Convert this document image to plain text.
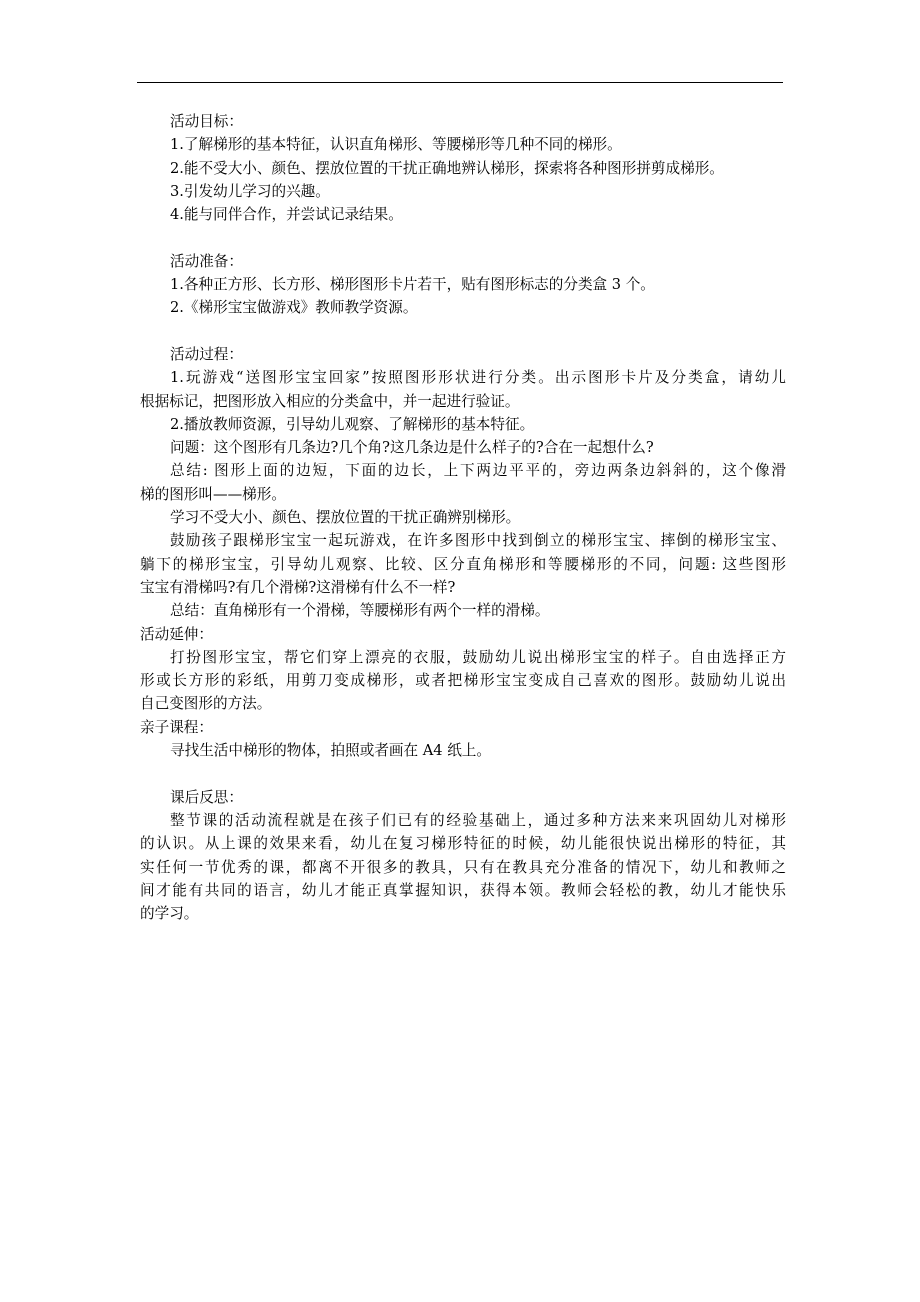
活动目标：
1.了解梯形的基本特征，认识直角梯形、等腰梯形等几种不同的梯形。
2.能不受大小、颜色、摆放位置的干扰正确地辨认梯形，探索将各种图形拼剪成梯形。
3.引发幼儿学习的兴趣。
4.能与同伴合作，并尝试记录结果。
活动准备：
1.各种正方形、长方形、梯形图形卡片若干，贴有图形标志的分类盒 3 个。
2.《梯形宝宝做游戏》教师教学资源。
活动过程：
1.玩游戏“送图形宝宝回家”按照图形形状进行分类。出示图形卡片及分类盒，请幼儿
根据标记，把图形放入相应的分类盒中，并一起进行验证。
2.播放教师资源，引导幼儿观察、了解梯形的基本特征。
问题：这个图形有几条边?几个角?这几条边是什么样子的?合在一起想什么?
总结: 图形上面的边短，下面的边长，上下两边平平的，旁边两条边斜斜的，这个像滑
梯的图形叫——梯形。
学习不受大小、颜色、摆放位置的干扰正确辨别梯形。
鼓励孩子跟梯形宝宝一起玩游戏，在许多图形中找到倒立的梯形宝宝、摔倒的梯形宝宝、
躺下的梯形宝宝，引导幼儿观察、比较、区分直角梯形和等腰梯形的不同，问题: 这些图形
宝宝有滑梯吗?有几个滑梯?这滑梯有什么不一样?
总结：直角梯形有一个滑梯，等腰梯形有两个一样的滑梯。
活动延伸：
打扮图形宝宝，帮它们穿上漂亮的衣服，鼓励幼儿说出梯形宝宝的样子。自由选择正方
形或长方形的彩纸，用剪刀变成梯形，或者把梯形宝宝变成自己喜欢的图形。鼓励幼儿说出
自己变图形的方法。
亲子课程：
寻找生活中梯形的物体，拍照或者画在 A4 纸上。
课后反思：
整节课的活动流程就是在孩子们已有的经验基础上，通过多种方法来来巩固幼儿对梯形
的认识。从上课的效果来看，幼儿在复习梯形特征的时候，幼儿能很快说出梯形的特征，其
实任何一节优秀的课，都离不开很多的教具，只有在教具充分准备的情况下，幼儿和教师之
间才能有共同的语言，幼儿才能正真掌握知识，获得本领。教师会轻松的教，幼儿才能快乐
的学习。
